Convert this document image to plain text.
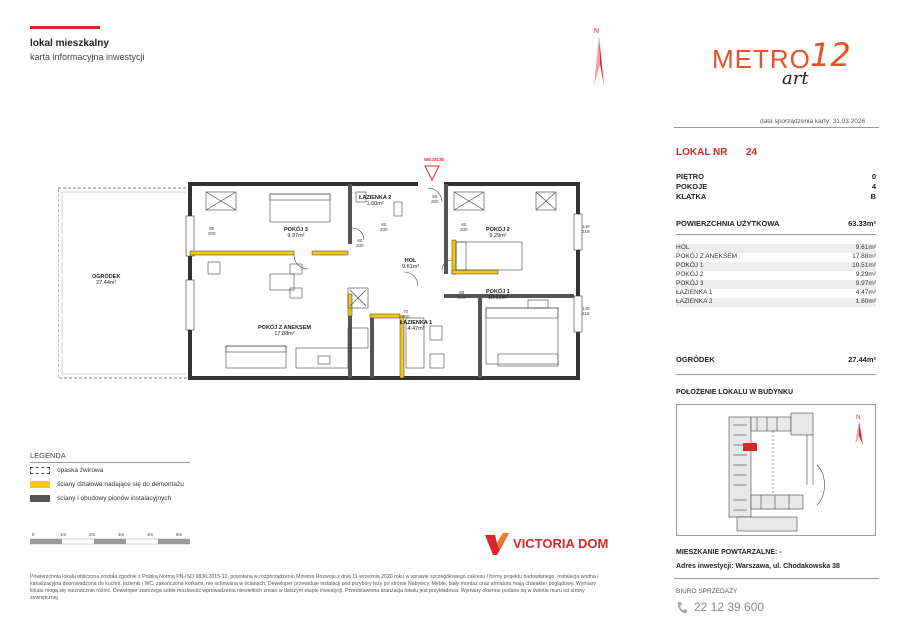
lokal mieszkalny
karta informacyjna inwestycji
N
METRO 12
art
data sporządzenia karty: 31.03.2026
LOKAL NR 24
PIĘTRO	0
POKOJE	4
KLATKA	B
POWIERZCHNIA UŻYTKOWA	63.33m²
HOL	9.61m²
POKÓJ Z ANEKSEM	17.88m²
POKÓJ 1	10.51m²
POKÓJ 2	9.29m²
POKÓJ 3	9.97m²
ŁAZIENKA 1	4.47m²
ŁAZIENKA 2	1.60m²
OGRÓDEK	27.44m²
POŁOŻENIE LOKALU W BUDYNKU
N
MIESZKANIE POWTARZALNE: -
Adres inwestycji: Warszawa, ul. Chodakowska 38
BIURO SPRZEDAŻY
22 12 39 600
LEGENDA
opaska żwirowa
ściany działowe nadające się do demontażu
ściany i obudowy pionów instalacyjnych
0	1m	2m	3m	4m	5m
VICTORIA DOM
Powierzchnia lokalu obliczona została zgodnie z Polską Normą PN-ISO 9836:2015-12, powołaną w rozporządzeniu Ministra Rozwoju z dnia 11 września 2020 roku w sprawie szczegółowego zakresu i formy projektu budowlanego. Instalacja wodna i kanalizacyjna doprowadzona do kuchni, łazienki i WC, zakończona korkami, nie schowana w ścianach. Deweloper przewiduje instalacji pod przybory leży po stronie Nabywcy. Meble, biały montaż oraz armatura mają charakter poglądowy. Wymiary lokalu mogą się nieznacznie różnić. Deweloper zastrzega sobie możliwość wprowadzenia niewielkich zmian w dalszym etapie inwestycji. Przedstawiona aranżacja lokalu jest przykładowa. Wymiary okienne podane są w świetle muru od strony zewnętrznej.
WEJŚCIE
OGRÓDEK
27.44m²
POKÓJ 3
9.97m²
ŁAZIENKA 2
1.60m²
POKÓJ 2
9.29m²
HOL
9.61m²
POKÓJ 1
10.51m²
POKÓJ Z ANEKSEM
17.88m²
ŁAZIENKA 1
4.47m²
80
200
60
200
80
200
90
200
80
200
80
200
70
200
140
219
140
219
